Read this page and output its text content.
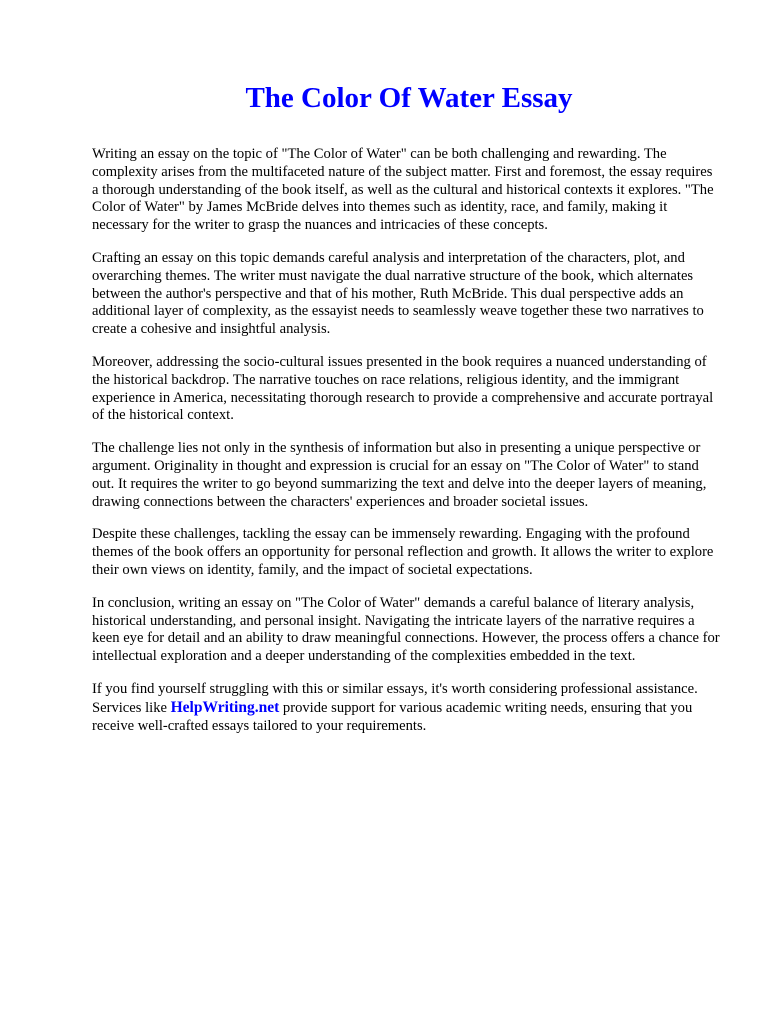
The Color Of Water Essay

Writing an essay on the topic of "The Color of Water" can be both challenging and rewarding. The complexity arises from the multifaceted nature of the subject matter. First and foremost, the essay requires a thorough understanding of the book itself, as well as the cultural and historical contexts it explores. "The Color of Water" by James McBride delves into themes such as identity, race, and family, making it necessary for the writer to grasp the nuances and intricacies of these concepts.

Crafting an essay on this topic demands careful analysis and interpretation of the characters, plot, and overarching themes. The writer must navigate the dual narrative structure of the book, which alternates between the author's perspective and that of his mother, Ruth McBride. This dual perspective adds an additional layer of complexity, as the essayist needs to seamlessly weave together these two narratives to create a cohesive and insightful analysis.

Moreover, addressing the socio-cultural issues presented in the book requires a nuanced understanding of the historical backdrop. The narrative touches on race relations, religious identity, and the immigrant experience in America, necessitating thorough research to provide a comprehensive and accurate portrayal of the historical context.

The challenge lies not only in the synthesis of information but also in presenting a unique perspective or argument. Originality in thought and expression is crucial for an essay on "The Color of Water" to stand out. It requires the writer to go beyond summarizing the text and delve into the deeper layers of meaning, drawing connections between the characters' experiences and broader societal issues.

Despite these challenges, tackling the essay can be immensely rewarding. Engaging with the profound themes of the book offers an opportunity for personal reflection and growth. It allows the writer to explore their own views on identity, family, and the impact of societal expectations.

In conclusion, writing an essay on "The Color of Water" demands a careful balance of literary analysis, historical understanding, and personal insight. Navigating the intricate layers of the narrative requires a keen eye for detail and an ability to draw meaningful connections. However, the process offers a chance for intellectual exploration and a deeper understanding of the complexities embedded in the text.

If you find yourself struggling with this or similar essays, it's worth considering professional assistance. Services like HelpWriting.net provide support for various academic writing needs, ensuring that you receive well-crafted essays tailored to your requirements.
